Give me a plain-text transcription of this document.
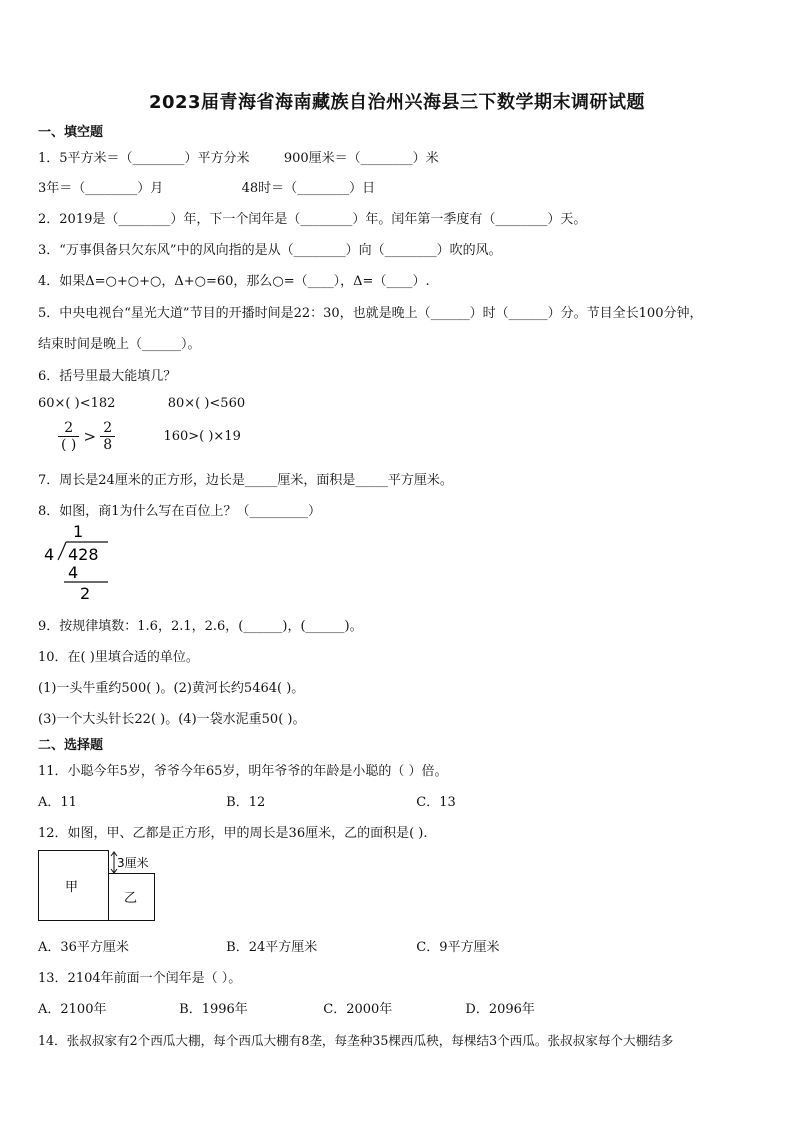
2023届青海省海南藏族自治州兴海县三下数学期末调研试题
一、填空题
1．5平方米＝（________）平方分米	900厘米＝（________）米
3年＝（________）月	48时＝（________）日
2．2019是（________）年，下一个闰年是（________）年。闰年第一季度有（________）天。
3．“万事俱备只欠东风”中的风向指的是从（________）向（________）吹的风。
4．如果Δ=○+○+○，Δ+○=60，那么○=（____），Δ=（____）.
5．中央电视台“星光大道”节目的开播时间是22：30，也就是晚上（______）时（______）分。节目全长100分钟，
结束时间是晚上（______）。
6．括号里最大能填几？
60×( )<182	80×( )<560
$\frac{2}{( )} > \frac{2}{8}$	160>( )×19
7．周长是24厘米的正方形，边长是_____厘米，面积是_____平方厘米。
8．如图，商1为什么写在百位上？（_________）
1
4 428
4
2
9．按规律填数：1.6，2.1，2.6，(______)，(______)。
10．在( )里填合适的单位。
(1)一头牛重约500( )。(2)黄河长约5464( )。
(3)一个大头针长22( )。(4)一袋水泥重50( )。
二、选择题
11．小聪今年5岁，爷爷今年65岁，明年爷爷的年龄是小聪的（ ）倍。
A．11	B．12	C．13
12．如图，甲、乙都是正方形，甲的周长是36厘米，乙的面积是( ).
甲
乙
3厘米
A．36平方厘米	B．24平方厘米	C．9平方厘米
13．2104年前面一个闰年是（ ）。
A．2100年	B．1996年	C．2000年	D．2096年
14．张叔叔家有2个西瓜大棚，每个西瓜大棚有8垄，每垄种35棵西瓜秧，每棵结3个西瓜。张叔叔家每个大棚结多
